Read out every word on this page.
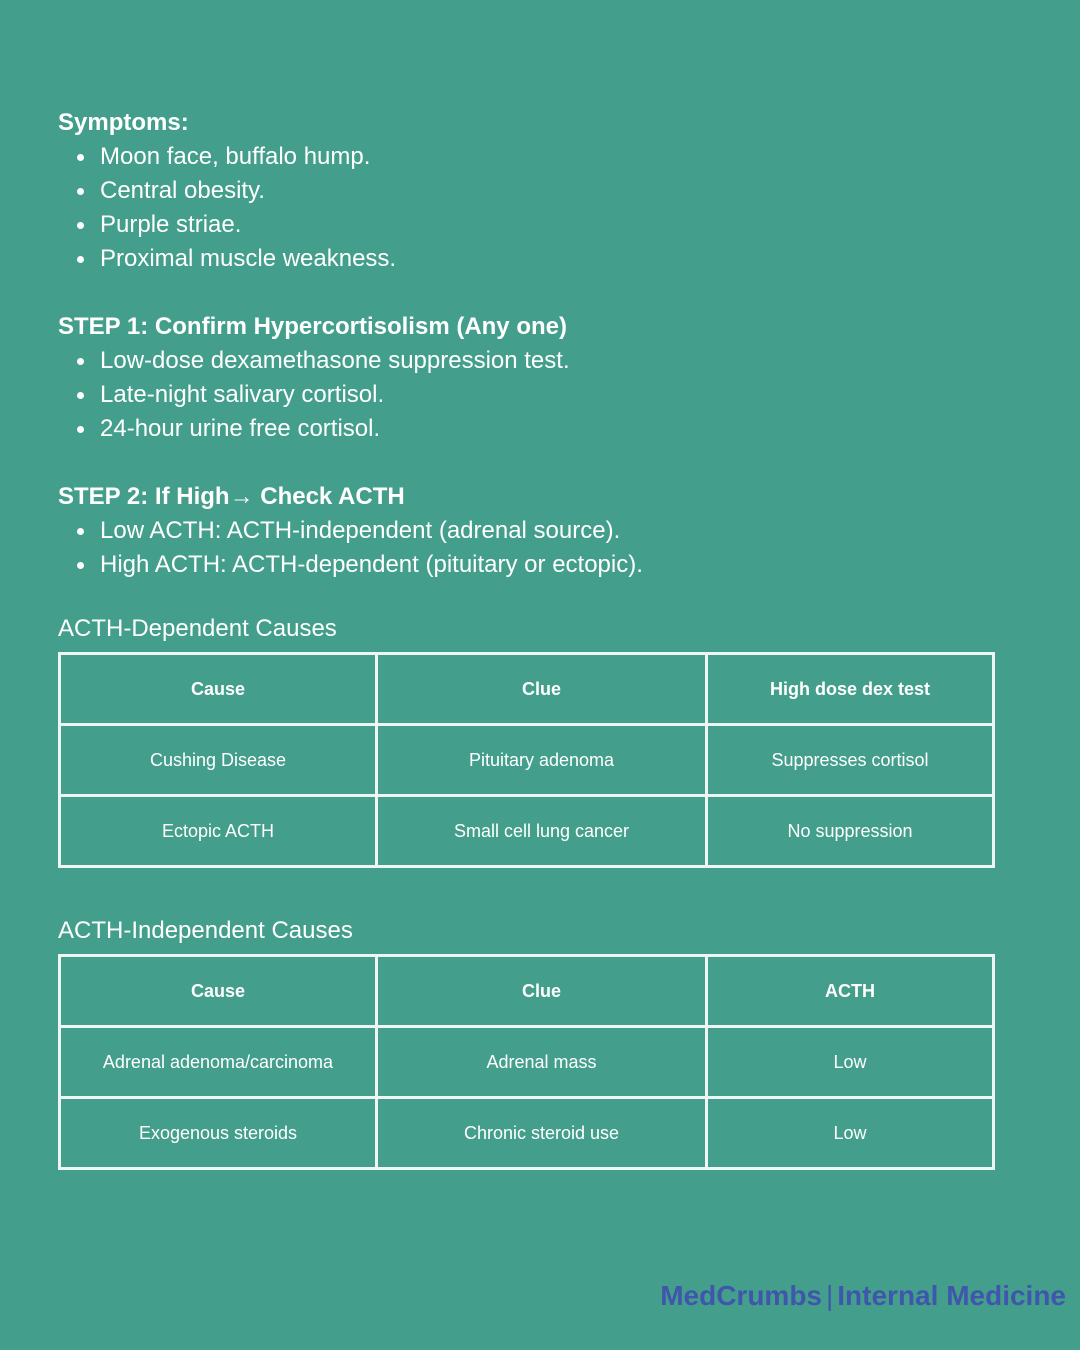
Symptoms:

Moon face, buffalo hump.
Central obesity.
Purple striae.
Proximal muscle weakness.

STEP 1: Confirm Hypercortisolism (Any one)

Low-dose dexamethasone suppression test.
Late-night salivary cortisol.
24-hour urine free cortisol.

STEP 2: If High→ Check ACTH

Low ACTH: ACTH-independent (adrenal source).
High ACTH: ACTH-dependent (pituitary or ectopic).

ACTH-Dependent Causes

Cause	Clue	High dose dex test
Cushing Disease	Pituitary adenoma	Suppresses cortisol
Ectopic ACTH	Small cell lung cancer	No suppression

ACTH-Independent Causes

Cause	Clue	ACTH
Adrenal adenoma/carcinoma	Adrenal mass	Low
Exogenous steroids	Chronic steroid use	Low
MedCrumbs | Internal Medicine
